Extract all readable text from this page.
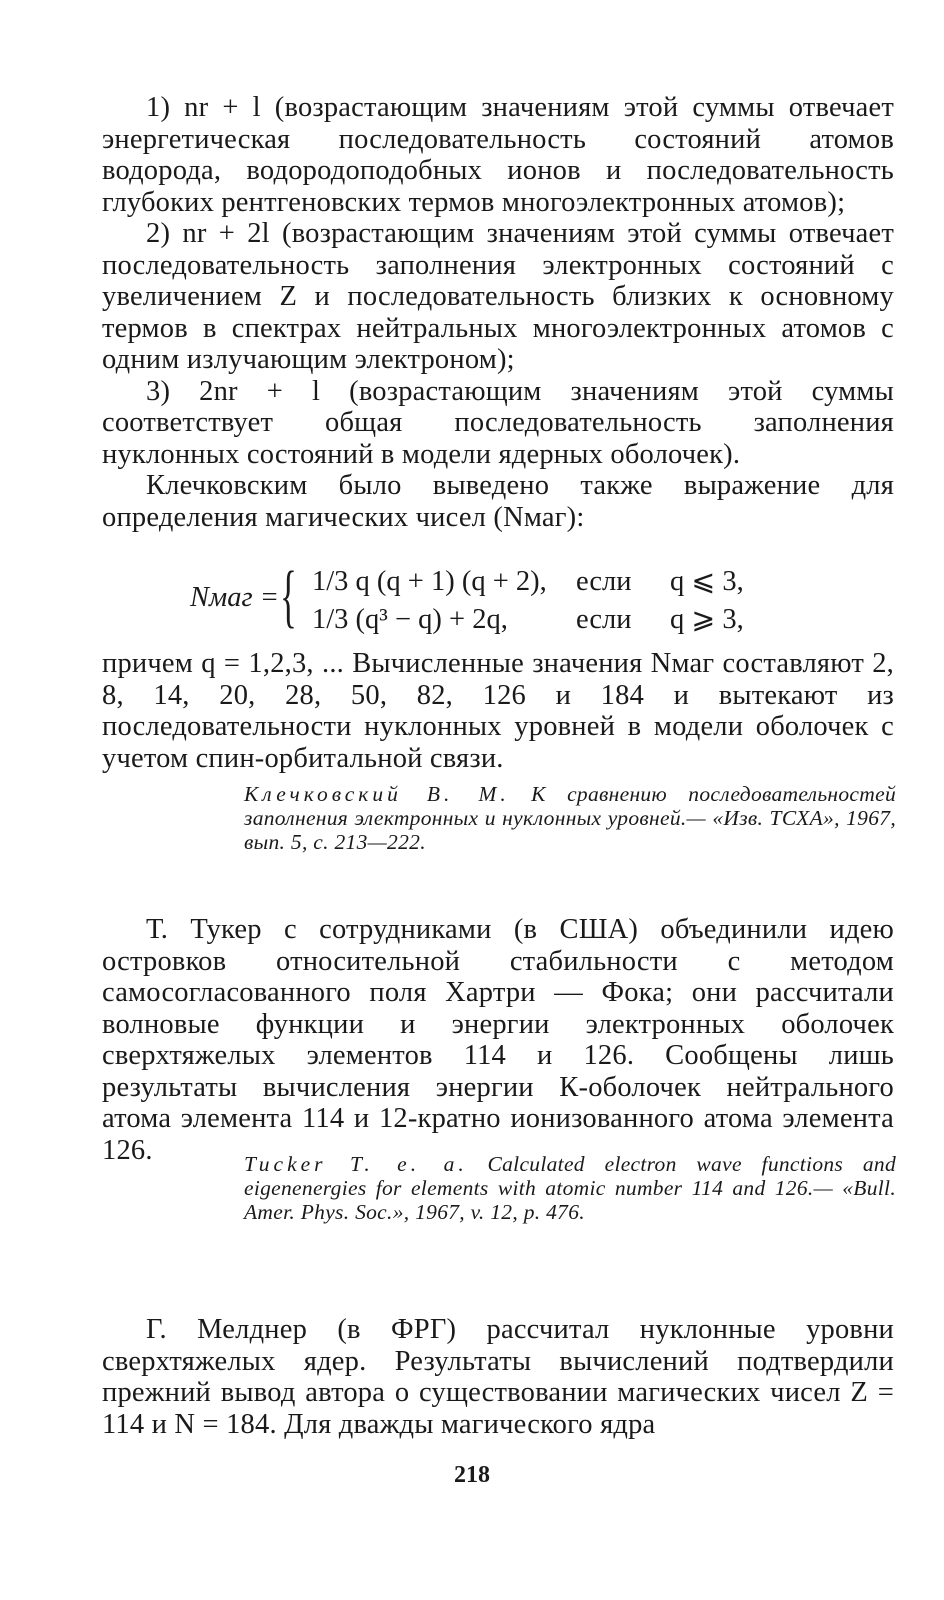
1) nr + l (возрастающим значениям этой суммы отвечает энергетическая последовательность состояний атомов водорода, водородоподобных ионов и последовательность глубоких рентгеновских термов многоэлектронных атомов);

2) nr + 2l (возрастающим значениям этой суммы отвечает последовательность заполнения электронных состояний с увеличением Z и последовательность близких к основному термов в спектрах нейтральных многоэлектронных атомов с одним излучающим электроном);

3) 2nr + l (возрастающим значениям этой суммы соответствует общая последовательность заполнения нуклонных состояний в модели ядерных оболочек).

Клечковским было выведено также выражение для определения магических чисел (Nмаг):

Nмаг = { 1/3 q (q + 1) (q + 2), если q ⩽ 3,
1/3 (q³ − q) + 2q, если q ⩾ 3,

причем q = 1,2,3, ... Вычисленные значения Nмаг составляют 2, 8, 14, 20, 28, 50, 82, 126 и 184 и вытекают из последовательности нуклонных уровней в модели оболочек с учетом спин-орбитальной связи.

Клечковский В. М. К сравнению последовательностей заполнения электронных и нуклонных уровней.— «Изв. ТСХА», 1967, вып. 5, с. 213—222.

Т. Тукер с сотрудниками (в США) объединили идею островков относительной стабильности с методом самосогласованного поля Хартри — Фока; они рассчитали волновые функции и энергии электронных оболочек сверхтяжелых элементов 114 и 126. Сообщены лишь результаты вычисления энергии К-оболочек нейтрального атома элемента 114 и 12-кратно ионизованного атома элемента 126.	Tucker T. e. a. Calculated electron wave functions and eigenenergies for elements with atomic number 114 and 126.— «Bull. Amer. Phys. Soc.», 1967, v. 12, p. 476.

Г. Мелднер (в ФРГ) рассчитал нуклонные уровни сверхтяжелых ядер. Результаты вычислений подтвердили прежний вывод автора о существовании магических чисел Z = 114 и N = 184. Для дважды магического ядра

218
